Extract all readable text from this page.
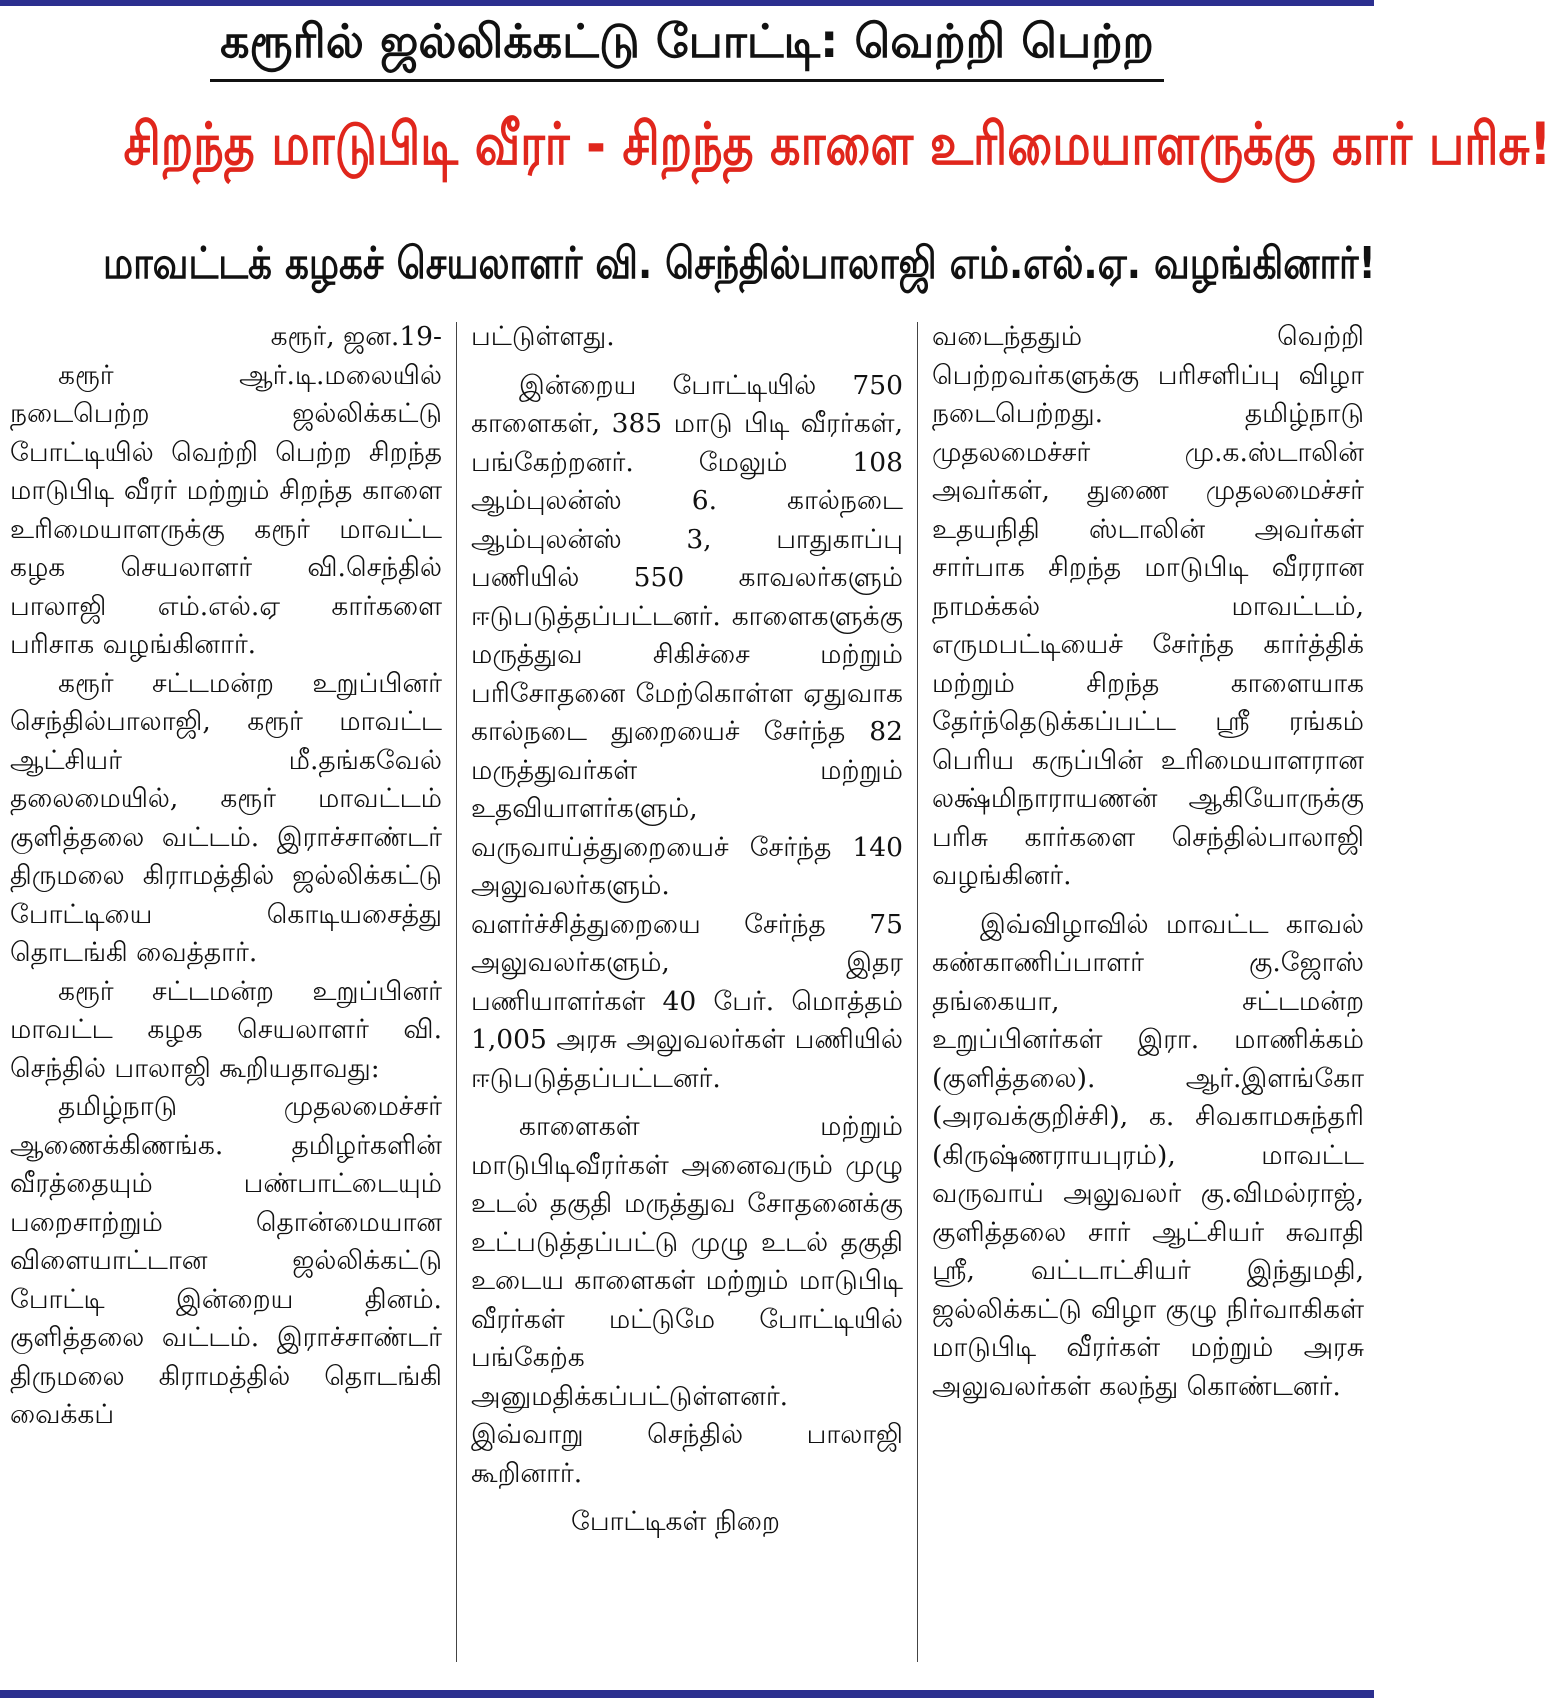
கரூரில் ஜல்லிக்கட்டு போட்டி: வெற்றி பெற்ற
சிறந்த மாடுபிடி வீரர் - சிறந்த காளை உரிமையாளருக்கு கார் பரிசு!
மாவட்டக் கழகச் செயலாளர் வி. செந்தில்பாலாஜி எம்.எல்.ஏ. வழங்கினார்!

கரூர், ஜன.19-

கரூர் ஆர்.டி.மலையில் நடைபெற்ற ஜல்லிக்கட்டு போட்டியில் வெற்றி பெற்ற சிறந்த மாடுபிடி வீரர் மற்றும் சிறந்த காளை உரிமையாளருக்கு கரூர் மாவட்ட கழக செயலாளர் வி.செந்தில் பாலாஜி எம்.எல்.ஏ கார்களை பரிசாக வழங்கினார்.

கரூர் சட்டமன்ற உறுப்பினர் செந்தில்பாலாஜி, கரூர் மாவட்ட ஆட்சியர் மீ.தங்கவேல் தலைமையில், கரூர் மாவட்டம் குளித்தலை வட்டம். இராச்சாண்டர் திருமலை கிராமத்தில் ஜல்லிக்கட்டு போட்டியை கொடியசைத்து தொடங்கி வைத்தார்.

கரூர் சட்டமன்ற உறுப்பினர் மாவட்ட கழக செயலாளர் வி. செந்தில் பாலாஜி கூறியதாவது:

தமிழ்நாடு முதலமைச்சர் ஆணைக்கிணங்க. தமிழர்களின் வீரத்தையும் பண்பாட்டையும் பறைசாற்றும் தொன்மையான விளையாட்டான ஜல்லிக்கட்டு போட்டி இன்றைய தினம். குளித்தலை வட்டம். இராச்சாண்டர் திருமலை கிராமத்தில் தொடங்கி வைக்கப்

பட்டுள்ளது.

இன்றைய போட்டியில் 750 காளைகள், 385 மாடு பிடி வீரர்கள், பங்கேற்றனர். மேலும் 108 ஆம்புலன்ஸ் 6. கால்நடை ஆம்புலன்ஸ் 3, பாதுகாப்பு பணியில் 550 காவலர்களும் ஈடுபடுத்தப்பட்டனர். காளைகளுக்கு மருத்துவ சிகிச்சை மற்றும் பரிசோதனை மேற்கொள்ள ஏதுவாக கால்நடை துறையைச் சேர்ந்த 82 மருத்துவர்கள் மற்றும் உதவியாளர்களும், வருவாய்த்துறையைச் சேர்ந்த 140 அலுவலர்களும். வளர்ச்சித்துறையை சேர்ந்த 75 அலுவலர்களும், இதர பணியாளர்கள் 40 பேர். மொத்தம் 1,005 அரசு அலுவலர்கள் பணியில் ஈடுபடுத்தப்பட்டனர்.

காளைகள் மற்றும் மாடுபிடிவீரர்கள் அனைவரும் முழு உடல் தகுதி மருத்துவ சோதனைக்கு உட்படுத்தப்பட்டு முழு உடல் தகுதி உடைய காளைகள் மற்றும் மாடுபிடி வீரர்கள் மட்டுமே போட்டியில் பங்கேற்க அனுமதிக்கப்பட்டுள்ளனர். இவ்வாறு செந்தில் பாலாஜி கூறினார்.

போட்டிகள் நிறை

வடைந்ததும் வெற்றி பெற்றவர்களுக்கு பரிசளிப்பு விழா நடைபெற்றது. தமிழ்நாடு முதலமைச்சர் மு.க.ஸ்டாலின் அவர்கள், துணை முதலமைச்சர் உதயநிதி ஸ்டாலின் அவர்கள் சார்பாக சிறந்த மாடுபிடி வீரரான நாமக்கல் மாவட்டம், எருமபட்டியைச் சேர்ந்த கார்த்திக் மற்றும் சிறந்த காளையாக தேர்ந்தெடுக்கப்பட்ட ஸ்ரீ ரங்கம் பெரிய கருப்பின் உரிமையாளரான லக்ஷ்மிநாராயணன் ஆகியோருக்கு பரிசு கார்களை செந்தில்பாலாஜி வழங்கினர்.

இவ்விழாவில் மாவட்ட காவல் கண்காணிப்பாளர் கு.ஜோஸ் தங்கையா, சட்டமன்ற உறுப்பினர்கள் இரா. மாணிக்கம் (குளித்தலை). ஆர்.இளங்கோ (அரவக்குறிச்சி), க. சிவகாமசுந்தரி (கிருஷ்ணராயபுரம்), மாவட்ட வருவாய் அலுவலர் கு.விமல்ராஜ், குளித்தலை சார் ஆட்சியர் சுவாதி ஸ்ரீ, வட்டாட்சியர் இந்துமதி, ஜல்லிக்கட்டு விழா குழு நிர்வாகிகள் மாடுபிடி வீரர்கள் மற்றும் அரசு அலுவலர்கள் கலந்து கொண்டனர்.
